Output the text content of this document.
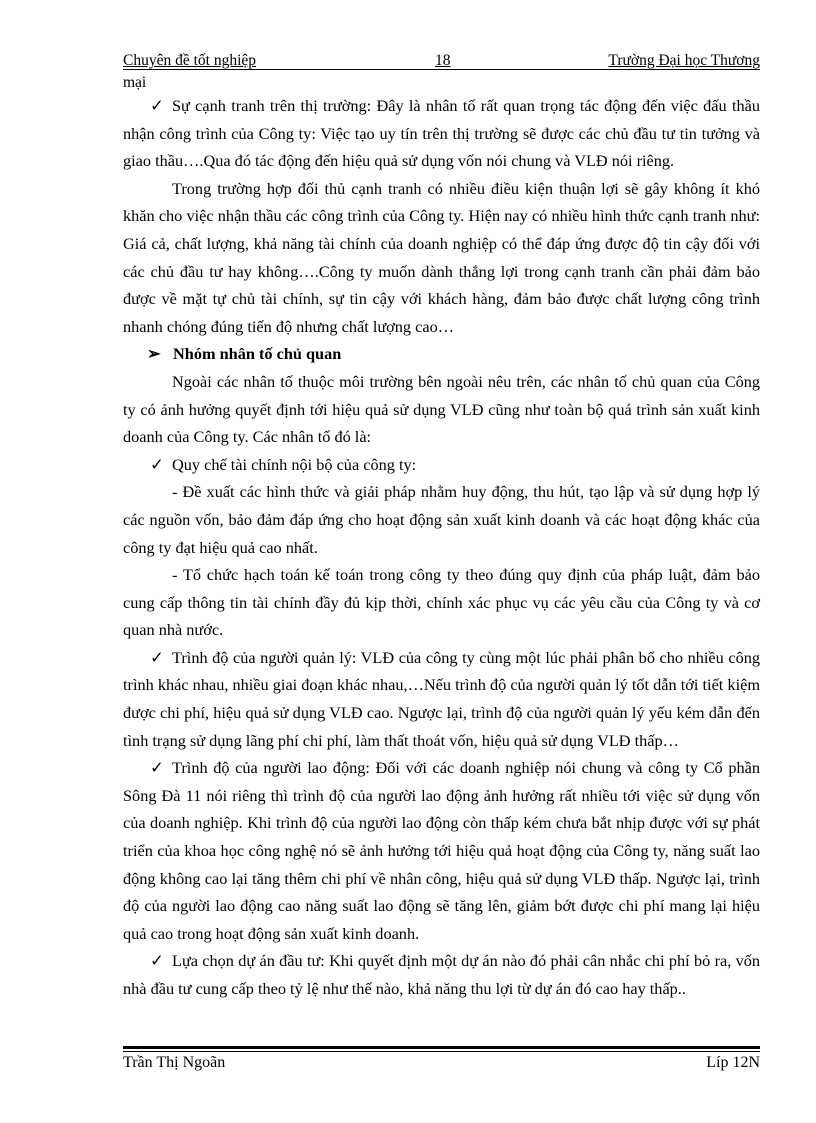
Chuyên đề tốt nghiệp	18	Trường Đại học Thương
mại

✓ Sự cạnh tranh trên thị trường: Đây là nhân tố rất quan trọng tác động đến việc đấu thầu nhận công trình của Công ty: Việc tạo uy tín trên thị trường sẽ được các chủ đầu tư tin tưởng và giao thầu….Qua đó tác động đến hiệu quả sử dụng vốn nói chung và VLĐ nói riêng.

Trong trường hợp đối thủ cạnh tranh có nhiều điều kiện thuận lợi sẽ gây không ít khó khăn cho việc nhận thầu các công trình của Công ty. Hiện nay có nhiều hình thức cạnh tranh như: Giá cả, chất lượng, khả năng tài chính của doanh nghiệp có thể đáp ứng được độ tin cậy đối với các chủ đầu tư hay không….Công ty muốn dành thắng lợi trong cạnh tranh cần phải đảm bảo được về mặt tự chủ tài chính, sự tin cậy với khách hàng, đảm bảo được chất lượng công trình nhanh chóng đúng tiến độ nhưng chất lượng cao…

➢ Nhóm nhân tố chủ quan

Ngoài các nhân tố thuộc môi trường bên ngoài nêu trên, các nhân tố chủ quan của Công ty có ảnh hưởng quyết định tới hiệu quả sử dụng VLĐ cũng như toàn bộ quá trình sản xuất kinh doanh của Công ty. Các nhân tố đó là:

✓ Quy chế tài chính nội bộ của công ty:

- Đề xuất các hình thức và giải pháp nhằm huy động, thu hút, tạo lập và sử dụng hợp lý các nguồn vốn, bảo đảm đáp ứng cho hoạt động sản xuất kinh doanh và các hoạt động khác của công ty đạt hiệu quả cao nhất.

- Tổ chức hạch toán kế toán trong công ty theo đúng quy định của pháp luật, đảm bảo cung cấp thông tin tài chính đầy đủ kịp thời, chính xác phục vụ các yêu cầu của Công ty và cơ quan nhà nước.

✓ Trình độ của người quản lý: VLĐ của công ty cùng một lúc phải phân bổ cho nhiều công trình khác nhau, nhiều giai đoạn khác nhau,…Nếu trình độ của người quản lý tốt dẫn tới tiết kiệm được chi phí, hiệu quả sử dụng VLĐ cao. Ngược lại, trình độ của người quản lý yếu kém dẫn đến tình trạng sử dụng lãng phí chi phí, làm thất thoát vốn, hiệu quả sử dụng VLĐ thấp…

✓ Trình độ của người lao động: Đối với các doanh nghiệp nói chung và công ty Cổ phần Sông Đà 11 nói riêng thì trình độ của người lao động ảnh hưởng rất nhiều tới việc sử dụng vốn của doanh nghiệp. Khi trình độ của người lao động còn thấp kém chưa bắt nhịp được với sự phát triển của khoa học công nghệ nó sẽ ảnh hưởng tới hiệu quả hoạt động của Công ty, năng suất lao động không cao lại tăng thêm chi phí về nhân công, hiệu quả sử dụng VLĐ thấp. Ngược lại, trình độ của người lao động cao năng suất lao động sẽ tăng lên, giảm bớt được chi phí mang lại hiệu quả cao trong hoạt động sản xuất kinh doanh.

✓ Lựa chọn dự án đầu tư: Khi quyết định một dự án nào đó phải cân nhắc chi phí bỏ ra, vốn nhà đầu tư cung cấp theo tỷ lệ như thế nào, khả năng thu lợi từ dự án đó cao hay thấp..

Trần Thị Ngoãn	Líp 12N
